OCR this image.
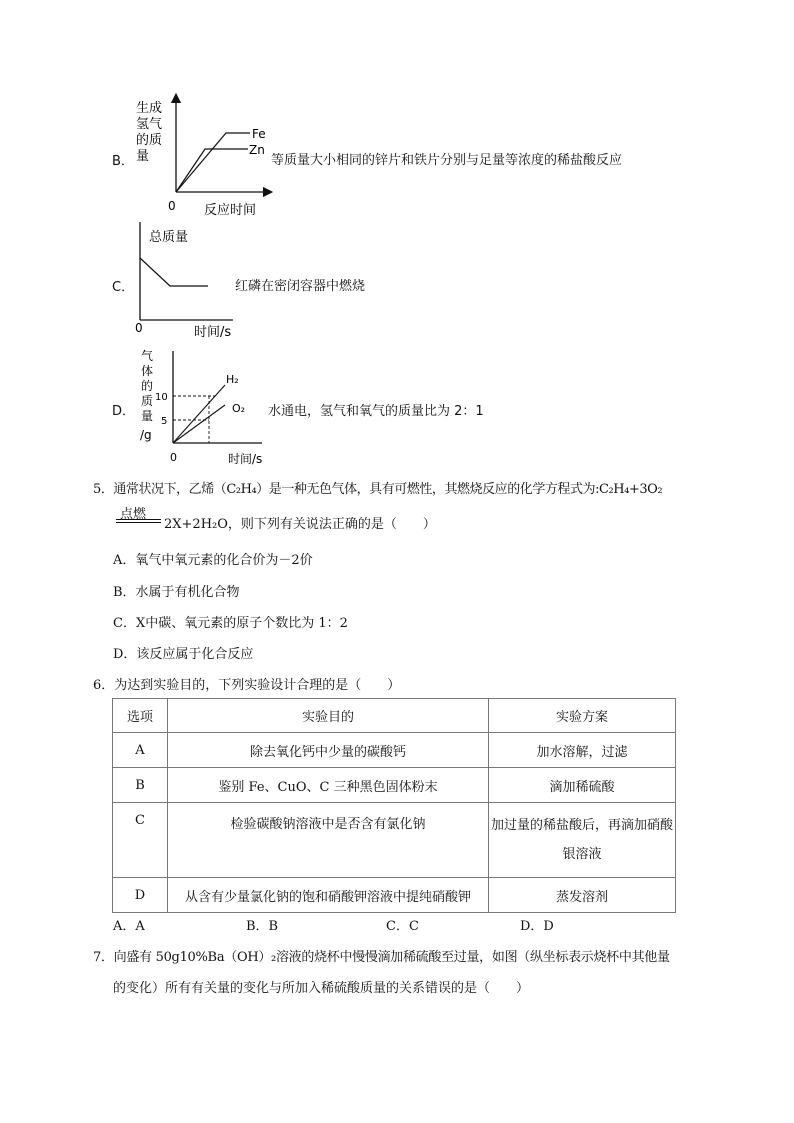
B．
生成
氢气
的质
量
Fe
Zn
0 反应时间
等质量大小相同的锌片和铁片分别与足量等浓度的稀盐酸反应
C．
总质量
0	时间/s
红磷在密闭容器中燃烧
D．
气
体
的
质
量
/g
10
5
H₂
O₂
0	时间/s
水通电，氢气和氧气的质量比为 2：1
5．通常状况下，乙烯（C₂H₄）是一种无色气体，具有可燃性，其燃烧反应的化学方程式为:C₂H₄+3O₂
点燃
2X+2H₂O，则下列有关说法正确的是（　　）
A．氧气中氧元素的化合价为－2价
B．水属于有机化合物
C．X中碳、氧元素的原子个数比为 1：2
D．该反应属于化合反应
6．为达到实验目的，下列实验设计合理的是（　　）
选项	实验目的	实验方案
A	除去氧化钙中少量的碳酸钙	加水溶解，过滤
B	鉴别 Fe、CuO、C 三种黑色固体粉末	滴加稀硫酸
C	检验碳酸钠溶液中是否含有氯化钠	加过量的稀盐酸后，再滴加硝酸银溶液
D	从含有少量氯化钠的饱和硝酸钾溶液中提纯硝酸钾	蒸发溶剂
A．A	B．B	C．C	D．D
7．向盛有 50g10%Ba（OH）₂溶液的烧杯中慢慢滴加稀硫酸至过量，如图（纵坐标表示烧杯中其他量
的变化）所有有关量的变化与所加入稀硫酸质量的关系错误的是（　　）
